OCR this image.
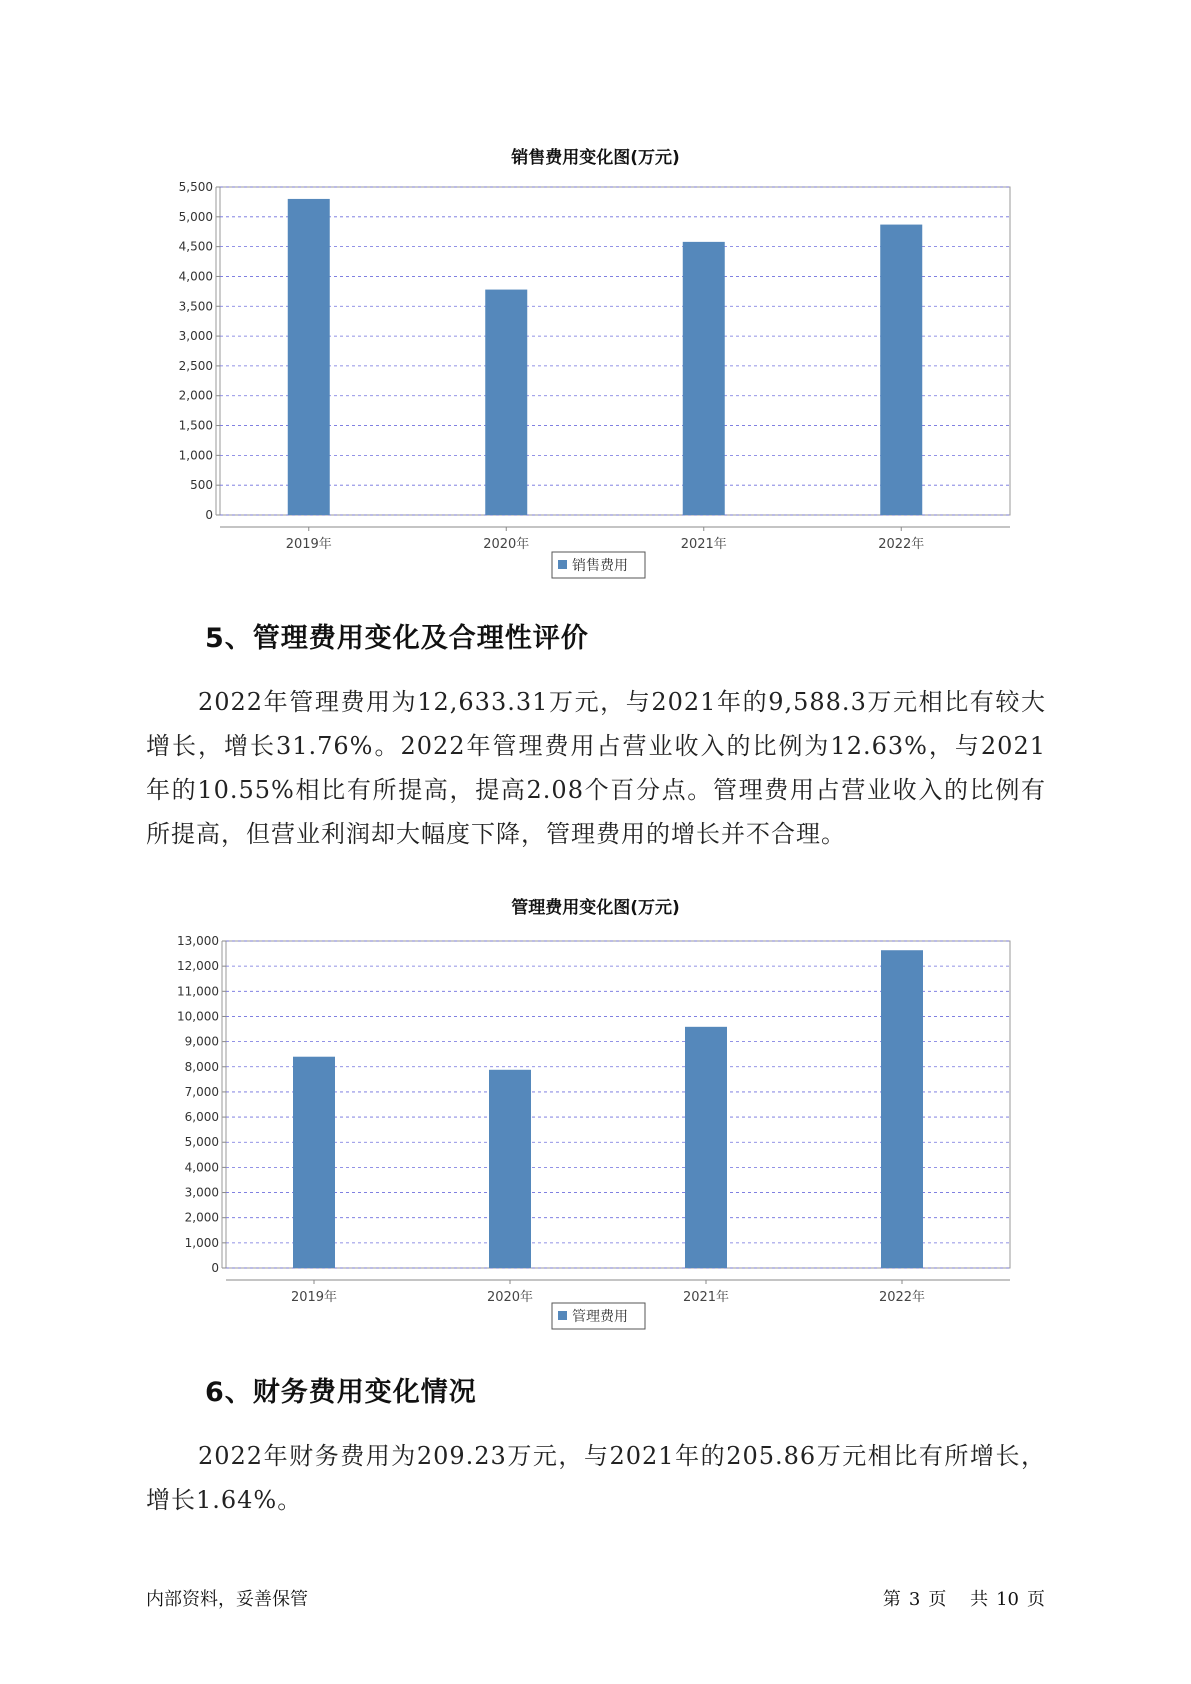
销售费用变化图(万元)
0
500
1,000
1,500
2,000
2,500
3,000
3,500
4,000
4,500
5,000
5,500
2019年	2020年	2021年	2022年
销售费用
5、管理费用变化及合理性评价
2022年管理费用为12,633.31万元，与2021年的9,588.3万元相比有较大增长，增长31.76%。2022年管理费用占营业收入的比例为12.63%，与2021年的10.55%相比有所提高，提高2.08个百分点。管理费用占营业收入的比例有所提高，但营业利润却大幅度下降，管理费用的增长并不合理。
管理费用变化图(万元)
0
1,000
2,000
3,000
4,000
5,000
6,000
7,000
8,000
9,000
10,000
11,000
12,000
13,000
2019年	2020年	2021年	2022年
管理费用
6、财务费用变化情况
2022年财务费用为209.23万元，与2021年的205.86万元相比有所增长，增长1.64%。
内部资料，妥善保管	第 3 页 共 10 页
